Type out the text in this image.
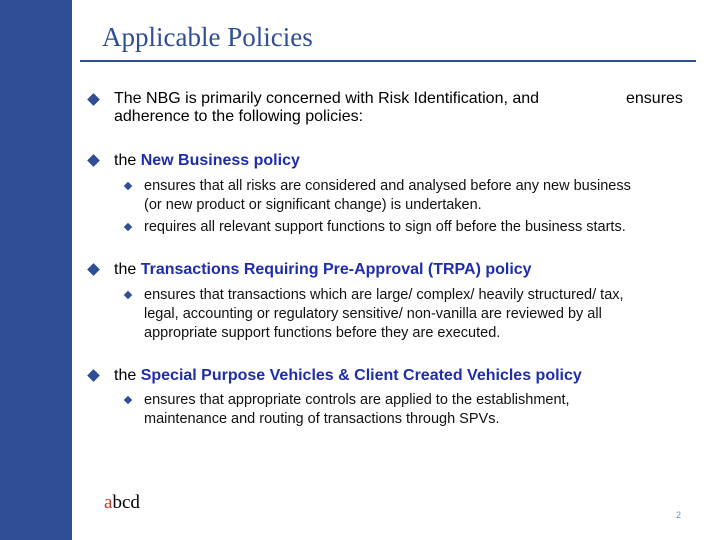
Applicable Policies
The NBG is primarily concerned with Risk Identification, and	ensures
adherence to the following policies:
the New Business policy
ensures that all risks are considered and analysed before any new business
(or new product or significant change) is undertaken.
requires all relevant support functions to sign off before the business starts.
the Transactions Requiring Pre-Approval (TRPA) policy
ensures that transactions which are large/ complex/ heavily structured/ tax,
legal, accounting or regulatory sensitive/ non-vanilla are reviewed by all
appropriate support functions before they are executed.
the Special Purpose Vehicles & Client Created Vehicles policy
ensures that appropriate controls are applied to the establishment,
maintenance and routing of transactions through SPVs.
abcd
2
